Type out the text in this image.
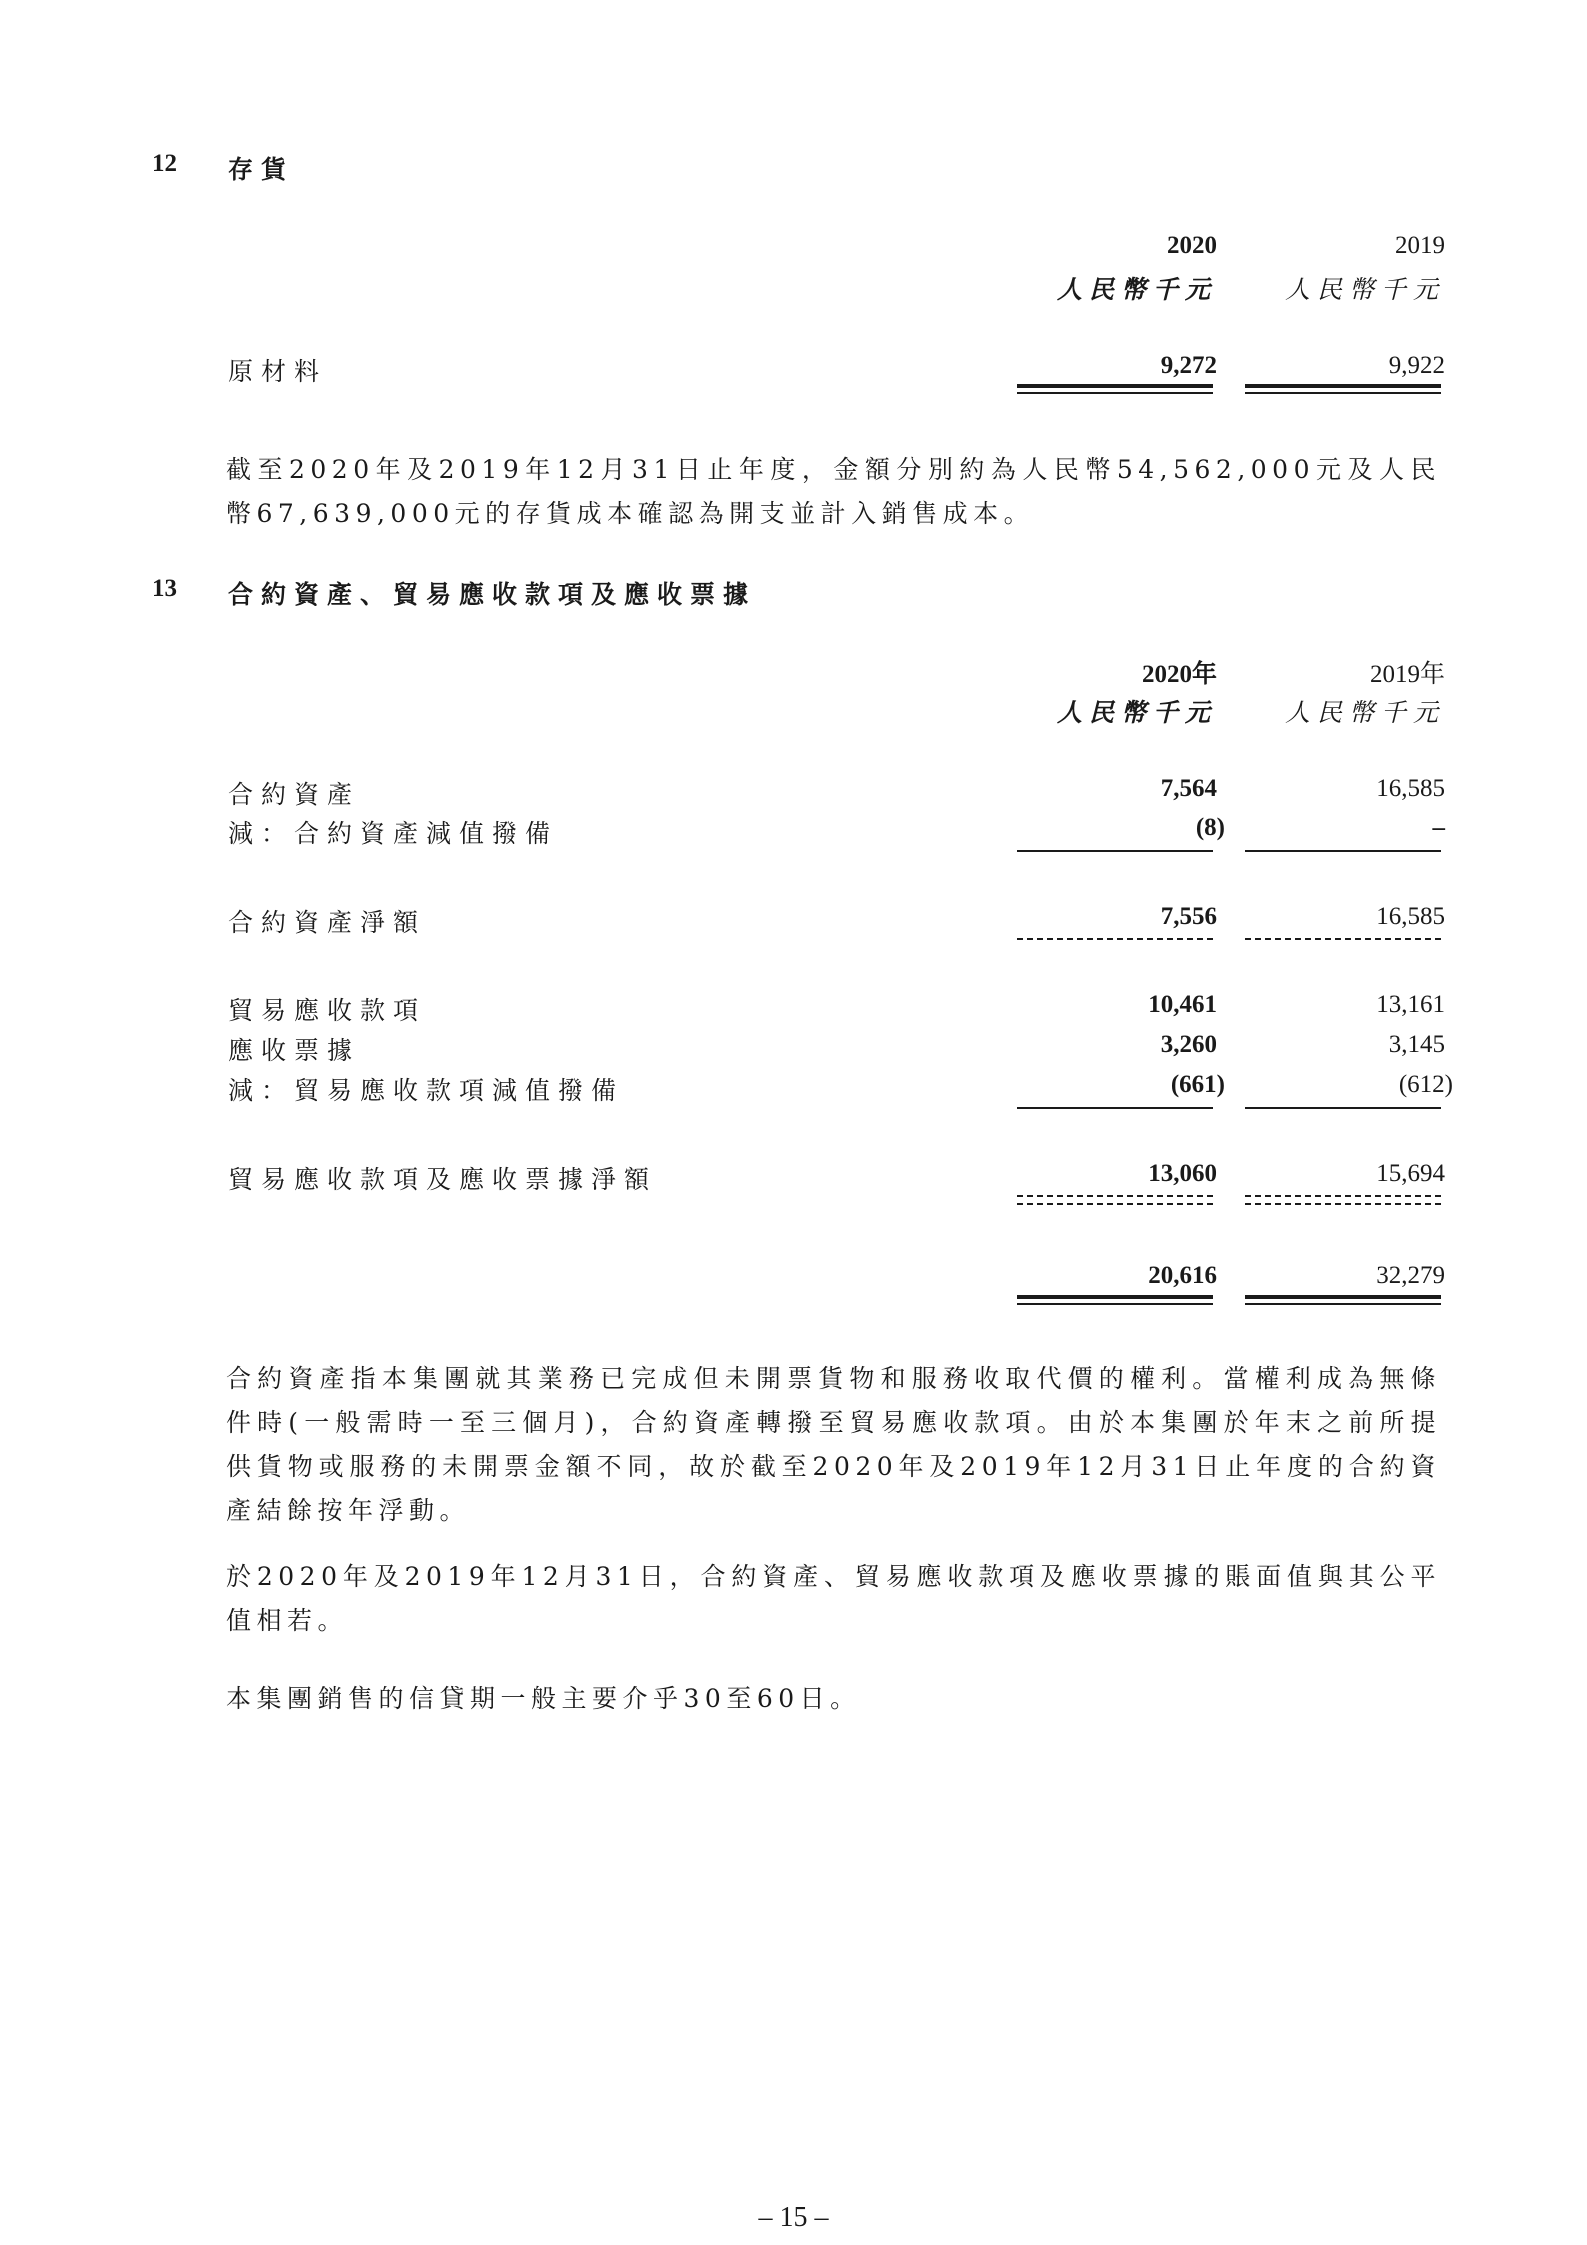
12 存貨
2020	2019
人民幣千元	人民幣千元
原材料	9,272	9,922
截至2020年及2019年12月31日止年度，金額分別約為人民幣54,562,000元及人民幣67,639,000元的存貨成本確認為開支並計入銷售成本。
13 合約資產、貿易應收款項及應收票據
2020年	2019年
人民幣千元	人民幣千元
合約資產	7,564	16,585
減：合約資產減值撥備	(8)	–
合約資產淨額	7,556	16,585
貿易應收款項	10,461	13,161
應收票據	3,260	3,145
減：貿易應收款項減值撥備	(661)	(612)
貿易應收款項及應收票據淨額	13,060	15,694
20,616	32,279
合約資產指本集團就其業務已完成但未開票貨物和服務收取代價的權利。當權利成為無條件時(一般需時一至三個月)，合約資產轉撥至貿易應收款項。由於本集團於年末之前所提供貨物或服務的未開票金額不同，故於截至2020年及2019年12月31日止年度的合約資產結餘按年浮動。
於2020年及2019年12月31日，合約資產、貿易應收款項及應收票據的賬面值與其公平值相若。
本集團銷售的信貸期一般主要介乎30至60日。
– 15 –
